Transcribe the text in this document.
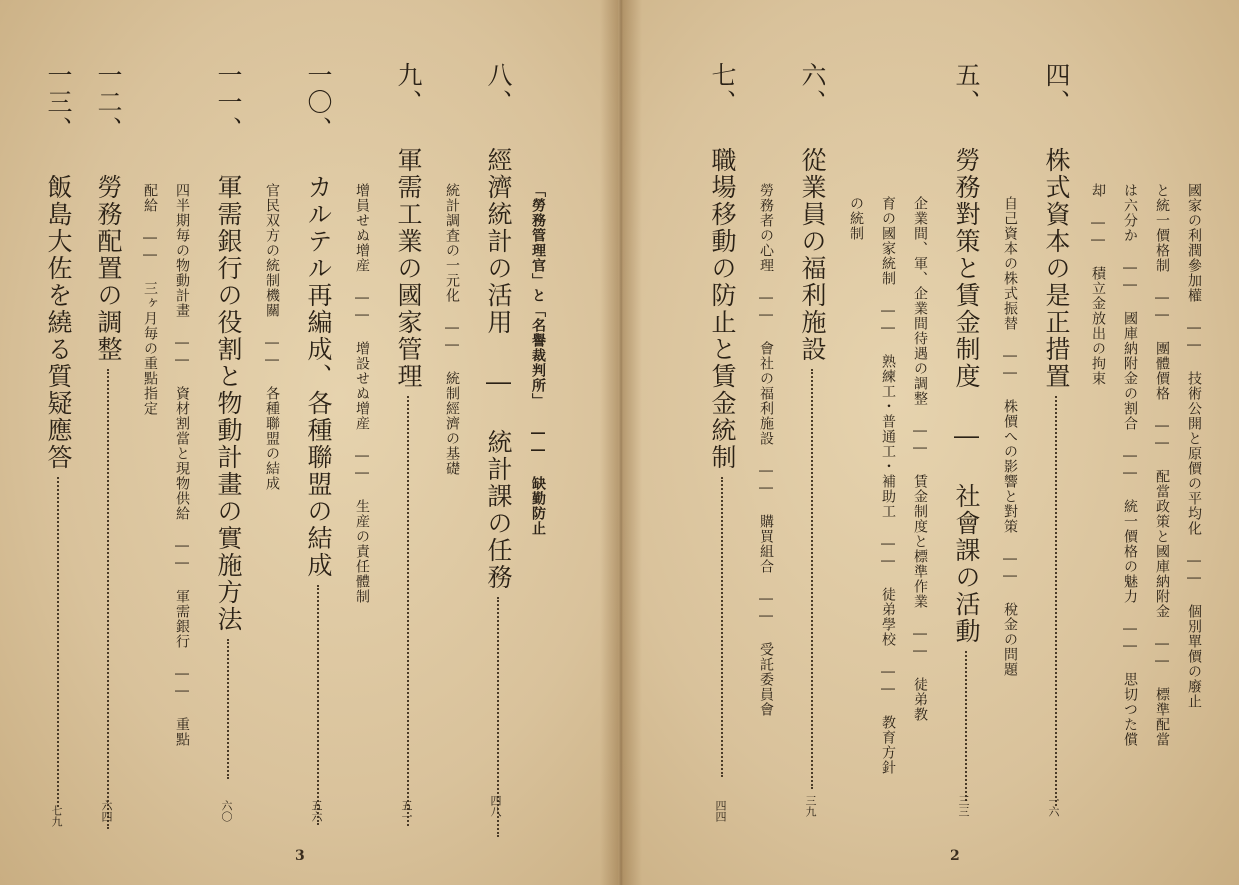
國家の利潤參加權 ―― 技術公開と原價の平均化 ―― 個別單價の廢止
と統一價格制 ―― 團體價格 ―― 配當政策と國庫納附金 ―― 標準配當
は六分か ―― 國庫納附金の割合 ―― 統一價格の魅力 ―― 思切つた償
却 ―― 積立金放出の拘束
四、 株式資本の是正措置
一六
五、 勞務對策と賃金制度 ― 社會課の活動
三三
自己資本の株式振替 ―― 株價への影響と對策 ―― 稅金の問題
企業間、軍、企業間待遇の調整 ―― 賃金制度と標準作業 ―― 徒弟教
育の國家統制 ―― 熟練工・普通工・補助工 ―― 徒弟學校 ―― 教育方針
の統制
六、 從業員の福利施設
三九
勞務者の心理 ―― 會社の福利施設 ―― 購買組合 ―― 受託委員會
七、 職場移動の防止と賃金統制
四四
2
「勞務管理官」と「名譽裁判所」 ―― 缺勤防止
八、 經濟統計の活用 ― 統計課の任務
四八
統計調査の一元化 ―― 統制經濟の基礎
九、 軍需工業の國家管理
五一
增員せぬ增産 ―― 增設せぬ增産 ―― 生産の責任體制
一〇、 カルテル再編成、各種聯盟の結成
五六
官民双方の統制機關 ―― 各種聯盟の結成
一一、 軍需銀行の役割と物動計畫の實施方法
六〇
四半期毎の物動計畫 ―― 資材割當と現物供給 ―― 軍需銀行 ―― 重點
配給 ―― 三ヶ月毎の重點指定
一二、 勞務配置の調整
六四
一三、 飯島大佐を繞る質疑應答
七九
3
